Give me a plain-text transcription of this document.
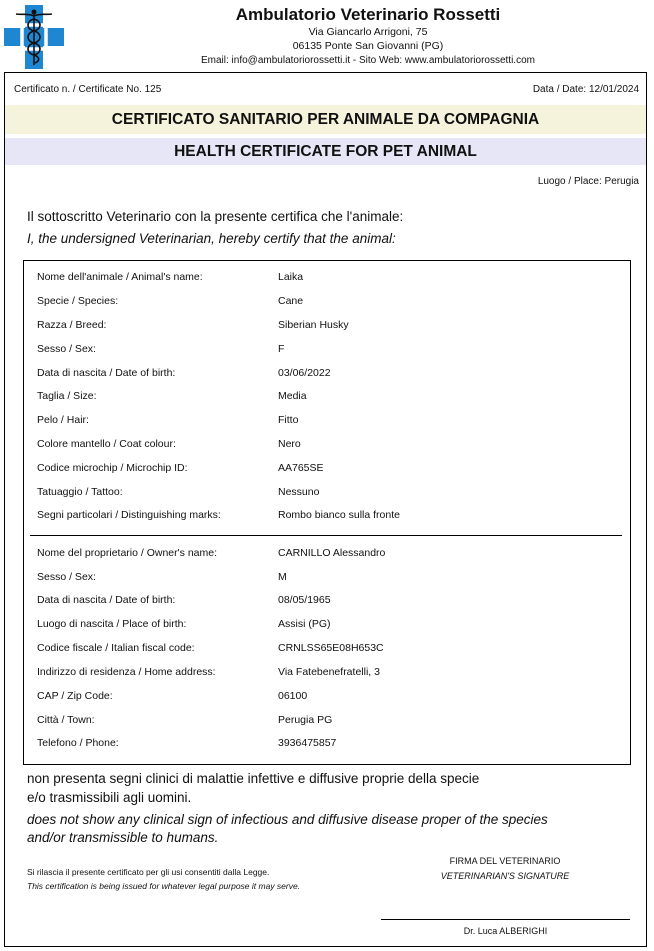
Ambulatorio Veterinario Rossetti
Via Giancarlo Arrigoni, 75
06135 Ponte San Giovanni (PG)
Email: info@ambulatoriorossetti.it - Sito Web: www.ambulatoriorossetti.com
Certificato n. / Certificate No. 125	Data / Date: 12/01/2024
CERTIFICATO SANITARIO PER ANIMALE DA COMPAGNIA
HEALTH CERTIFICATE FOR PET ANIMAL
Luogo / Place: Perugia
Il sottoscritto Veterinario con la presente certifica che l'animale:
I, the undersigned Veterinarian, hereby certify that the animal:
Nome dell'animale / Animal's name:	Laika
Specie / Species:	Cane
Razza / Breed:	Siberian Husky
Sesso / Sex:	F
Data di nascita / Date of birth:	03/06/2022
Taglia / Size:	Media
Pelo / Hair:	Fitto
Colore mantello / Coat colour:	Nero
Codice microchip / Microchip ID:	AA765SE
Tatuaggio / Tattoo:	Nessuno
Segni particolari / Distinguishing marks:	Rombo bianco sulla fronte
Nome del proprietario / Owner's name:	CARNILLO Alessandro
Sesso / Sex:	M
Data di nascita / Date of birth:	08/05/1965
Luogo di nascita / Place of birth:	Assisi (PG)
Codice fiscale / Italian fiscal code:	CRNLSS65E08H653C
Indirizzo di residenza / Home address:	Via Fatebenefratelli, 3
CAP / Zip Code:	06100
Città / Town:	Perugia PG
Telefono / Phone:	3936475857
non presenta segni clinici di malattie infettive e diffusive proprie della specie
e/o trasmissibili agli uomini.
does not show any clinical sign of infectious and diffusive disease proper of the species
and/or transmissible to humans.
Si rilascia il presente certificato per gli usi consentiti dalla Legge.
This certification is being issued for whatever legal purpose it may serve.
FIRMA DEL VETERINARIO
VETERINARIAN'S SIGNATURE
Dr. Luca ALBERIGHI
